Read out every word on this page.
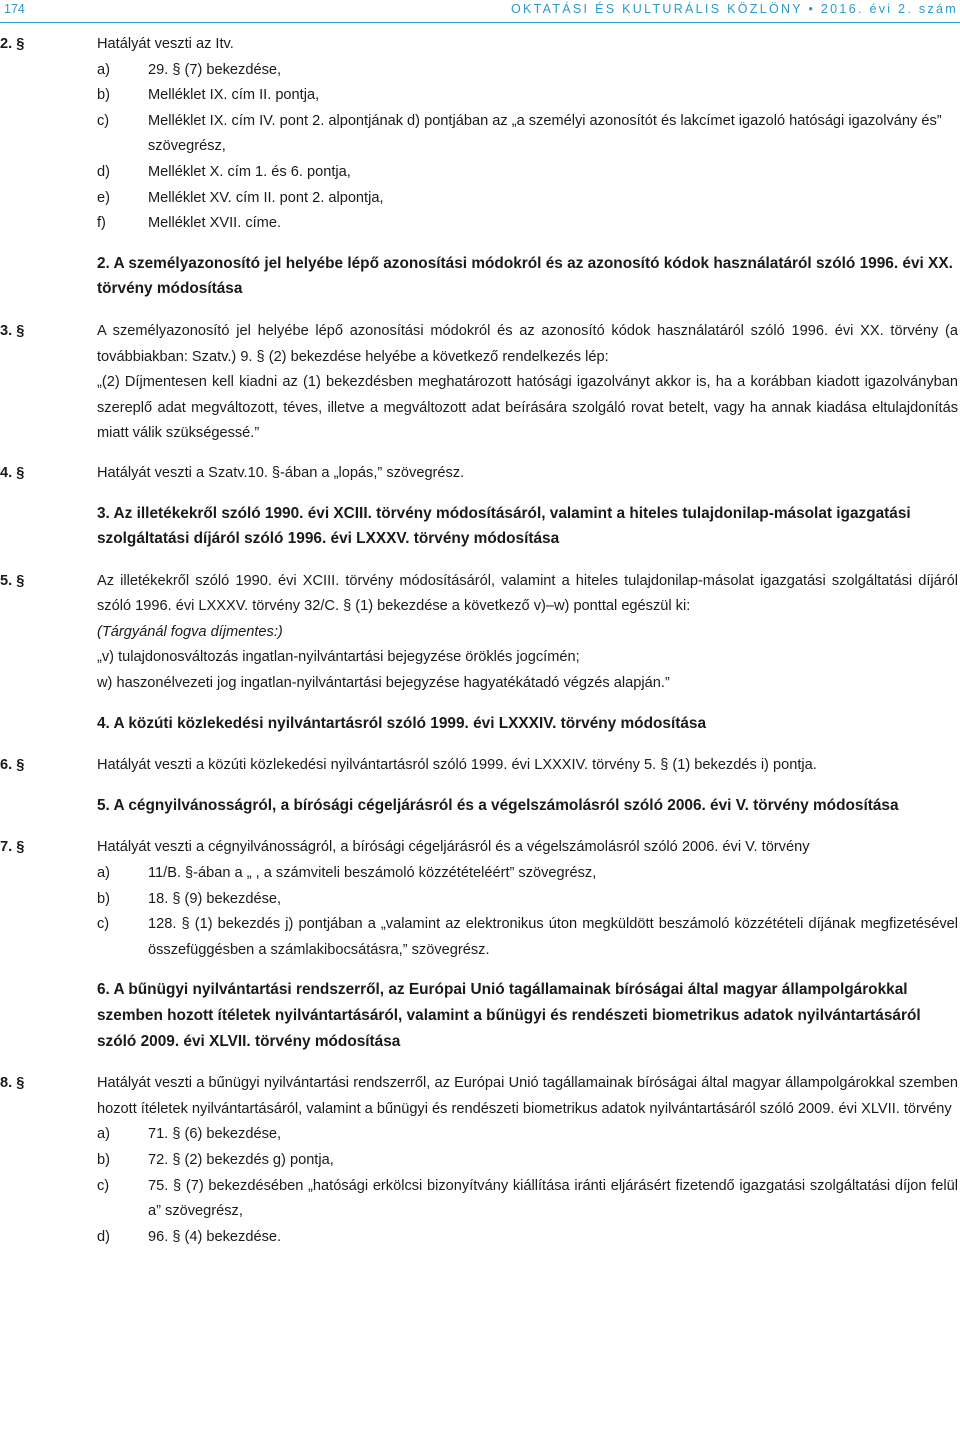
174	OKTATÁSI ÉS KULTURÁLIS KÖZLÖNY • 2016. évi 2. szám
2. §	Hatályát veszti az Itv.
a)	29. § (7) bekezdése,
b)	Melléklet IX. cím II. pontja,
c)	Melléklet IX. cím IV. pont 2. alpontjának d) pontjában az „a személyi azonosítót és lakcímet igazoló hatósági igazolvány és” szövegrész,
d)	Melléklet X. cím 1. és 6. pontja,
e)	Melléklet XV. cím II. pont 2. alpontja,
f)	Melléklet XVII. címe.
2. A személyazonosító jel helyébe lépő azonosítási módokról és az azonosító kódok használatáról szóló 1996. évi XX. törvény módosítása
3. §	A személyazonosító jel helyébe lépő azonosítási módokról és az azonosító kódok használatáról szóló 1996. évi XX. törvény (a továbbiakban: Szatv.) 9. § (2) bekezdése helyébe a következő rendelkezés lép:
„(2) Díjmentesen kell kiadni az (1) bekezdésben meghatározott hatósági igazolványt akkor is, ha a korábban kiadott igazolványban szereplő adat megváltozott, téves, illetve a megváltozott adat beírására szolgáló rovat betelt, vagy ha annak kiadása eltulajdonítás miatt válik szükségessé.”
4. §	Hatályát veszti a Szatv.10. §-ában a „lopás,” szövegrész.
3. Az illetékekről szóló 1990. évi XCIII. törvény módosításáról, valamint a hiteles tulajdonilap-másolat igazgatási szolgáltatási díjáról szóló 1996. évi LXXXV. törvény módosítása
5. §	Az illetékekről szóló 1990. évi XCIII. törvény módosításáról, valamint a hiteles tulajdonilap-másolat igazgatási szolgáltatási díjáról szóló 1996. évi LXXXV. törvény 32/C. § (1) bekezdése a következő v)–w) ponttal egészül ki:
(Tárgyánál fogva díjmentes:)
„v) tulajdonosváltozás ingatlan-nyilvántartási bejegyzése öröklés jogcímén;
w) haszonélvezeti jog ingatlan-nyilvántartási bejegyzése hagyatékátadó végzés alapján.”
4. A közúti közlekedési nyilvántartásról szóló 1999. évi LXXXIV. törvény módosítása
6. §	Hatályát veszti a közúti közlekedési nyilvántartásról szóló 1999. évi LXXXIV. törvény 5. § (1) bekezdés i) pontja.
5. A cégnyilvánosságról, a bírósági cégeljárásról és a végelszámolásról szóló 2006. évi V. törvény módosítása
7. §	Hatályát veszti a cégnyilvánosságról, a bírósági cégeljárásról és a végelszámolásról szóló 2006. évi V. törvény
a)	11/B. §-ában a „ , a számviteli beszámoló közzétételéért” szövegrész,
b)	18. § (9) bekezdése,
c)	128. § (1) bekezdés j) pontjában a „valamint az elektronikus úton megküldött beszámoló közzétételi díjának megfizetésével összefüggésben a számlakibocsátásra,” szövegrész.
6. A bűnügyi nyilvántartási rendszerről, az Európai Unió tagállamainak bíróságai által magyar állampolgárokkal szemben hozott ítéletek nyilvántartásáról, valamint a bűnügyi és rendészeti biometrikus adatok nyilvántartásáról szóló 2009. évi XLVII. törvény módosítása
8. §	Hatályát veszti a bűnügyi nyilvántartási rendszerről, az Európai Unió tagállamainak bíróságai által magyar állampolgárokkal szemben hozott ítéletek nyilvántartásáról, valamint a bűnügyi és rendészeti biometrikus adatok nyilvántartásáról szóló 2009. évi XLVII. törvény
a)	71. § (6) bekezdése,
b)	72. § (2) bekezdés g) pontja,
c)	75. § (7) bekezdésében „hatósági erkölcsi bizonyítvány kiállítása iránti eljárásért fizetendő igazgatási szolgáltatási díjon felül a” szövegrész,
d)	96. § (4) bekezdése.
